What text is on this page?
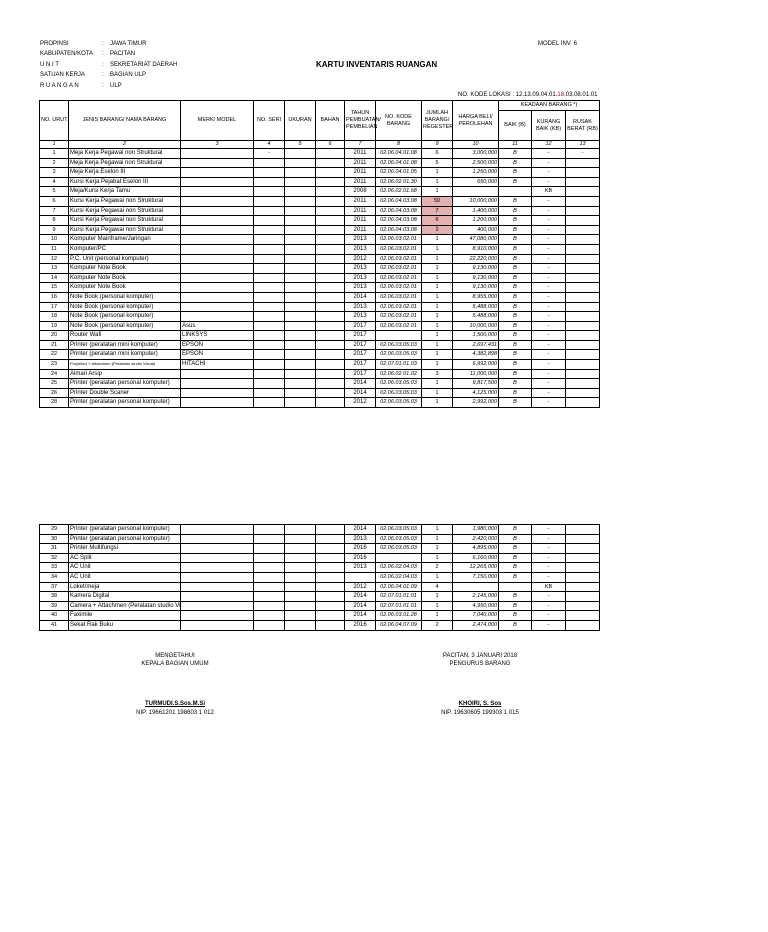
PROPINSI	: JAWA TIMUR
KABUPATEN/KOTA : PACITAN
U N I T	: SEKRETARIAT DAERAH
SATUAN KERJA	: BAGIAN ULP
R U A N G A N	: ULP
MODEL INV. 6
KARTU INVENTARIS RUANGAN
NO. KODE LOKASI : 12.13.09.04.01.18.03.08.01.01
NO. URUT	JENIS BARANG/ NAMA BARANG	MERK/ MODEL	NO. SERI	UKURAN	BAHAN	TAHUN PEMBUATAN/ PEMBELIAN	NO. KODE BARANG	JUMLAH BARANG/ REGESTER	HARGA BELI/ PEROLEHAN	KEADAAN BARANG *)		
										BAIK (B)	KURANG BAIK (KB)	RUSAK BERAT (RB)

1	2	3	4	5	6	7	8	9	10	11	12	13
1	Meja Kerja Pegawai non Struktural		-			2011	02.06.04.01.08	6	3,000,000	B	-	-
2	Meja Kerja Pegawai non Struktural					2011	02.06.04.01.08	5	2,500,000	B	-	
3	Meja Kerja Eselon III					2011	02.06.04.01.05	1	1,250,000	B	-	
4	Kursi Kerja Pejabat Eselon III					2011	02.06.02.01.30	1	650,000	B	-	
5	Meja/Kursi Kerja Tamu					2008	02.06.02.01.68	1			KB	
6	Kursi Kerja Pegawai non Struktural					2011	02.06.04.03.08	50	10,000,000	B	-	
7	Kursi Kerja Pegawai non Struktural					2011	02.06.04.03.08	7	1,400,000	B	-	
8	Kursi Kerja Pegawai non Struktural					2011	02.06.04.03.08	6	1,200,000	B	-	
9	Kursi Kerja Pegawai non Struktural					2011	02.06.04.03.08	2	400,000	B	-	
10	Komputer Mainframe/Jaringan					2013	02.06.03.02.01	1	47,080,000	B	-	
11	Komputer/PC					2013	02.06.03.02.01	1	8,910,000	B	-	
12	P.C. Unit (personal komputer)					2012	02.06.03.02.01	1	22,220,000	B	-	
13	Komputer Note Book					2013	02.06.03.02.01	1	9,130,000	B	-	
14	Komputer Note Book					2013	02.06.03.02.01	1	9,130,000	B	-	
15	Komputer Note Book					2013	02.06.03.02.01	1	9,130,000	B	-	
16	Note Book (personal komputer)					2014	02.06.03.02.01	1	8,955,000	B	-	
17	Note Book (personal komputer)					2013	02.06.03.02.01	1	5,488,000	B	-	
18	Note Book (personal komputer)					2013	02.06.03.02.01	1	5,488,000	B	-	
19	Note Book (personal komputer)	Asus				2017	02.06.03.02.01	1	10,000,000	B	-	
20	Router Wafi	LINKSYS				2017		1	1,500,000	B	-	
21	Printer (peralatan mini komputer)	EPSON				2017	02.06.03.05.03	1	2,697,431	B	-	
22	Printer (peralatan mini komputer)	EPSON				2017	02.06.03.05.03	1	4,382,898	B	-	
23	Proyektor + Attachmen (Peralatan studio Visual)	HITACHI				2017	02.07.01.01.03	1	6,992,000	B	-	
24	Almari Arsip					2017	02.06.02.01.02	3	11,000,000	B	-	
25	Printer (peralatan personal komputer)					2014	02.06.03.05.03	1	9,817,500	B	-	
26	Printer Double Scaner					2014	02.06.03.05.03	1	4,125,000	B	-	
28	Printer (peralatan personal komputer)					2012	02.06.03.05.03	1	2,992,000	B	-	
29	Printer (peralatan personal komputer)					2014	02.06.03.05.03	1	1,980,000	B	-	
30	Printer (peralatan personal komputer)					2013	02.06.03.05.03	1	2,420,000	B	-	
31	Printer Multifungsi					2016	02.06.03.05.03	1	4,895,000	B	-	
32	AC Split					2016		1	6,160,000	B	-	
33	AC Unit					2013	02.06.02.04.03	2	12,265,000	B	-	
34	AC Unit						02.06.02.04.03	1	7,150,000	B	-	
37	Loket/meja					2012	02.06.04.01.09	4			KB	
38	Kamera Digital					2014	02.07.01.01.01	1	2,145,000	B	-	
39	Camera + Attachmen (Peralatan studio Vi					2014	02.07.01.01.01	1	4,950,000	B	-	
40	Faximile					2014	02.06.03.01.28	1	7,040,000	B	-	
41	Sekat Rak Buku					2016	02.06.04.07.09	2	2,474,000	B	-	
MENGETAHUI
KEPALA BAGIAN UMUM
TURMUDI.S.Sos.M.Si
NIP. 19661201 198603 1 012
PACITAN, 3 JANUARI 2018
PENGURUS BARANG
KHOIRI, S. Sos
NIP. 19630605 199303 1 015
